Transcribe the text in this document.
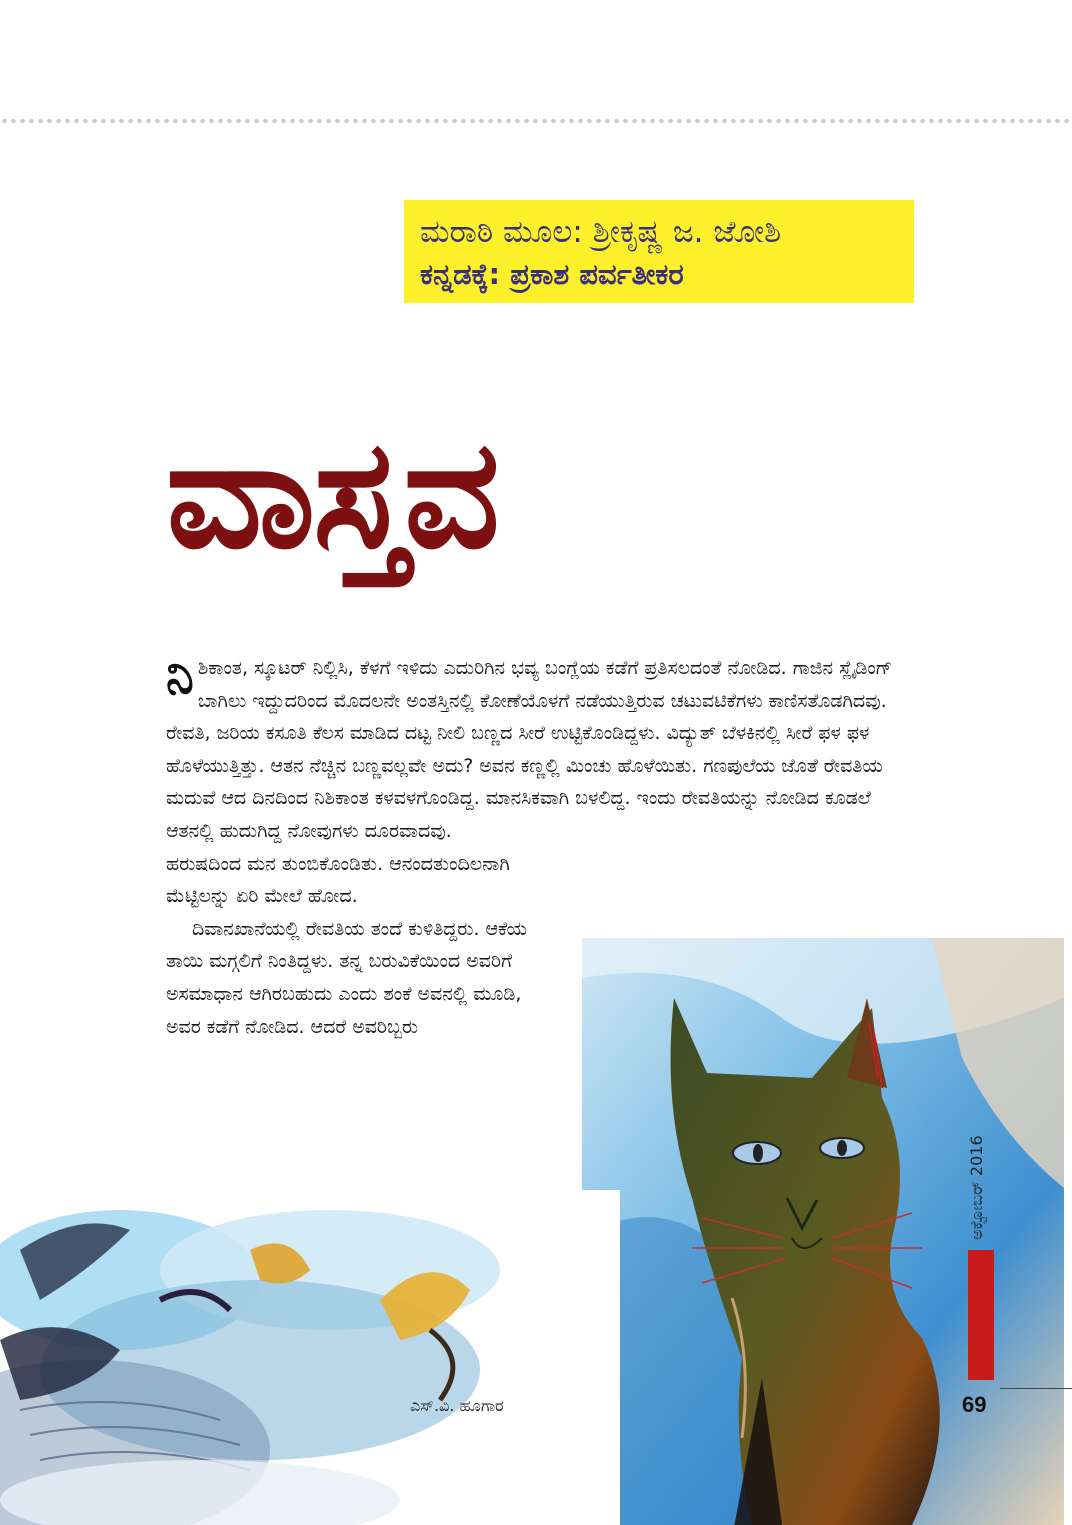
ಮರಾಠಿ ಮೂಲ: ಶ್ರೀಕೃಷ್ಣ ಜ. ಜೋಶಿ
ಕನ್ನಡಕ್ಕೆ: ಪ್ರಕಾಶ ಪರ್ವತೀಕರ
ವಾಸ್ತವ

ನಿಶಿಕಾಂತ, ಸ್ಕೂಟರ್ ನಿಲ್ಲಿಸಿ, ಕೆಳಗೆ ಇಳಿದು ಎದುರಿಗಿನ ಭವ್ಯ ಬಂಗ್ಲೆಯ ಕಡೆಗೆ ಪ್ರತಿಸಲದಂತೆ ನೋಡಿದ. ಗಾಜಿನ ಸ್ಲೈಡಿಂಗ್ ಬಾಗಿಲು ಇದ್ದುದರಿಂದ ಮೊದಲನೇ ಅಂತಸ್ತಿನಲ್ಲಿ ಕೋಣೆಯೊಳಗೆ ನಡೆಯುತ್ತಿರುವ ಚಟುವಟಿಕೆಗಳು ಕಾಣಿಸತೊಡಗಿದವು. ರೇವತಿ, ಜರಿಯ ಕಸೂತಿ ಕೆಲಸ ಮಾಡಿದ ದಟ್ಟ ನೀಲಿ ಬಣ್ಣದ ಸೀರೆ ಉಟ್ಟಿಕೊಂಡಿದ್ದಳು. ವಿದ್ಯುತ್ ಬೆಳಕಿನಲ್ಲಿ ಸೀರೆ ಫಳ ಫಳ ಹೊಳೆಯುತ್ತಿತ್ತು. ಆತನ ನೆಚ್ಚಿನ ಬಣ್ಣವಲ್ಲವೇ ಅದು? ಅವನ ಕಣ್ಣಲ್ಲಿ ಮಿಂಚು ಹೊಳೆಯಿತು. ಗಣಪುಲೆಯ ಜೊತೆ ರೇವತಿಯ ಮದುವೆ ಆದ ದಿನದಿಂದ ನಿಶಿಕಾಂತ ಕಳವಳಗೊಂಡಿದ್ದ. ಮಾನಸಿಕವಾಗಿ ಬಳಲಿದ್ದ. ಇಂದು ರೇವತಿಯನ್ನು ನೋಡಿದ ಕೂಡಲೆ ಆತನಲ್ಲಿ ಹುದುಗಿದ್ದ ನೋವುಗಳು ದೂರವಾದವು.

ಹರುಷದಿಂದ ಮನ ತುಂಬಿಕೊಂಡಿತು. ಆನಂದತುಂದಿಲನಾಗಿ ಮೆಟ್ಟಿಲನ್ನು ಏರಿ ಮೇಲೆ ಹೋದ.

ದಿವಾನಖಾನೆಯಲ್ಲಿ ರೇವತಿಯ ತಂದೆ ಕುಳಿತಿದ್ದರು. ಆಕೆಯ ತಾಯಿ ಮಗ್ಗಲಿಗೆ ನಿಂತಿದ್ದಳು. ತನ್ನ ಬರುವಿಕೆಯಿಂದ ಅವರಿಗೆ ಅಸಮಾಧಾನ ಆಗಿರಬಹುದು ಎಂದು ಶಂಕೆ ಅವನಲ್ಲಿ ಮೂಡಿ, ಅವರ ಕಡೆಗೆ ನೋಡಿದ. ಆದರೆ ಅವರಿಬ್ಬರು

ಎಸ್.ವಿ. ಹೂಗಾರ
ಅಕ್ಟೋಬರ್ 2016
69
